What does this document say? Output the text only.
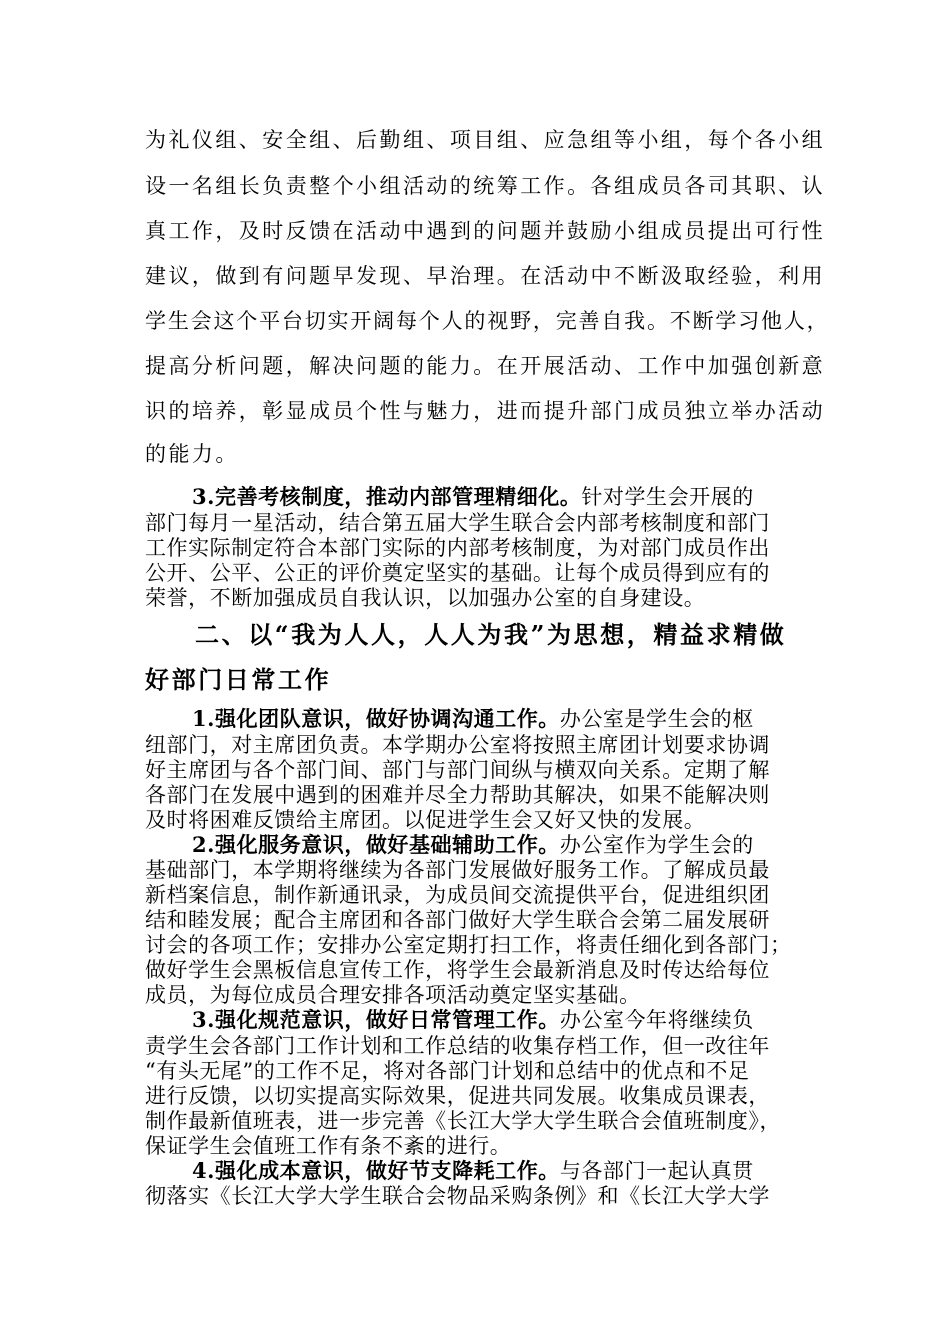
为礼仪组、安全组、后勤组、项目组、应急组等小组，每个各小组
设一名组长负责整个小组活动的统筹工作。各组成员各司其职、认
真工作，及时反馈在活动中遇到的问题并鼓励小组成员提出可行性
建议，做到有问题早发现、早治理。在活动中不断汲取经验，利用
学生会这个平台切实开阔每个人的视野，完善自我。不断学习他人，
提高分析问题，解决问题的能力。在开展活动、工作中加强创新意
识的培养，彰显成员个性与魅力，进而提升部门成员独立举办活动
的能力。
3.完善考核制度，推动内部管理精细化。针对学生会开展的
部门每月一星活动，结合第五届大学生联合会内部考核制度和部门
工作实际制定符合本部门实际的内部考核制度，为对部门成员作出
公开、公平、公正的评价奠定坚实的基础。让每个成员得到应有的
荣誉，不断加强成员自我认识，以加强办公室的自身建设。
二、以“我为人人，人人为我”为思想，精益求精做
好部门日常工作
1.强化团队意识，做好协调沟通工作。办公室是学生会的枢
纽部门，对主席团负责。本学期办公室将按照主席团计划要求协调
好主席团与各个部门间、部门与部门间纵与横双向关系。定期了解
各部门在发展中遇到的困难并尽全力帮助其解决，如果不能解决则
及时将困难反馈给主席团。以促进学生会又好又快的发展。
2.强化服务意识，做好基础辅助工作。办公室作为学生会的
基础部门，本学期将继续为各部门发展做好服务工作。了解成员最
新档案信息，制作新通讯录，为成员间交流提供平台，促进组织团
结和睦发展；配合主席团和各部门做好大学生联合会第二届发展研
讨会的各项工作；安排办公室定期打扫工作，将责任细化到各部门；
做好学生会黑板信息宣传工作，将学生会最新消息及时传达给每位
成员，为每位成员合理安排各项活动奠定坚实基础。
3.强化规范意识，做好日常管理工作。办公室今年将继续负
责学生会各部门工作计划和工作总结的收集存档工作，但一改往年
“有头无尾”的工作不足，将对各部门计划和总结中的优点和不足
进行反馈，以切实提高实际效果，促进共同发展。收集成员课表，
制作最新值班表，进一步完善《长江大学大学生联合会值班制度》，
保证学生会值班工作有条不紊的进行。
4.强化成本意识，做好节支降耗工作。与各部门一起认真贯
彻落实《长江大学大学生联合会物品采购条例》和《长江大学大学
